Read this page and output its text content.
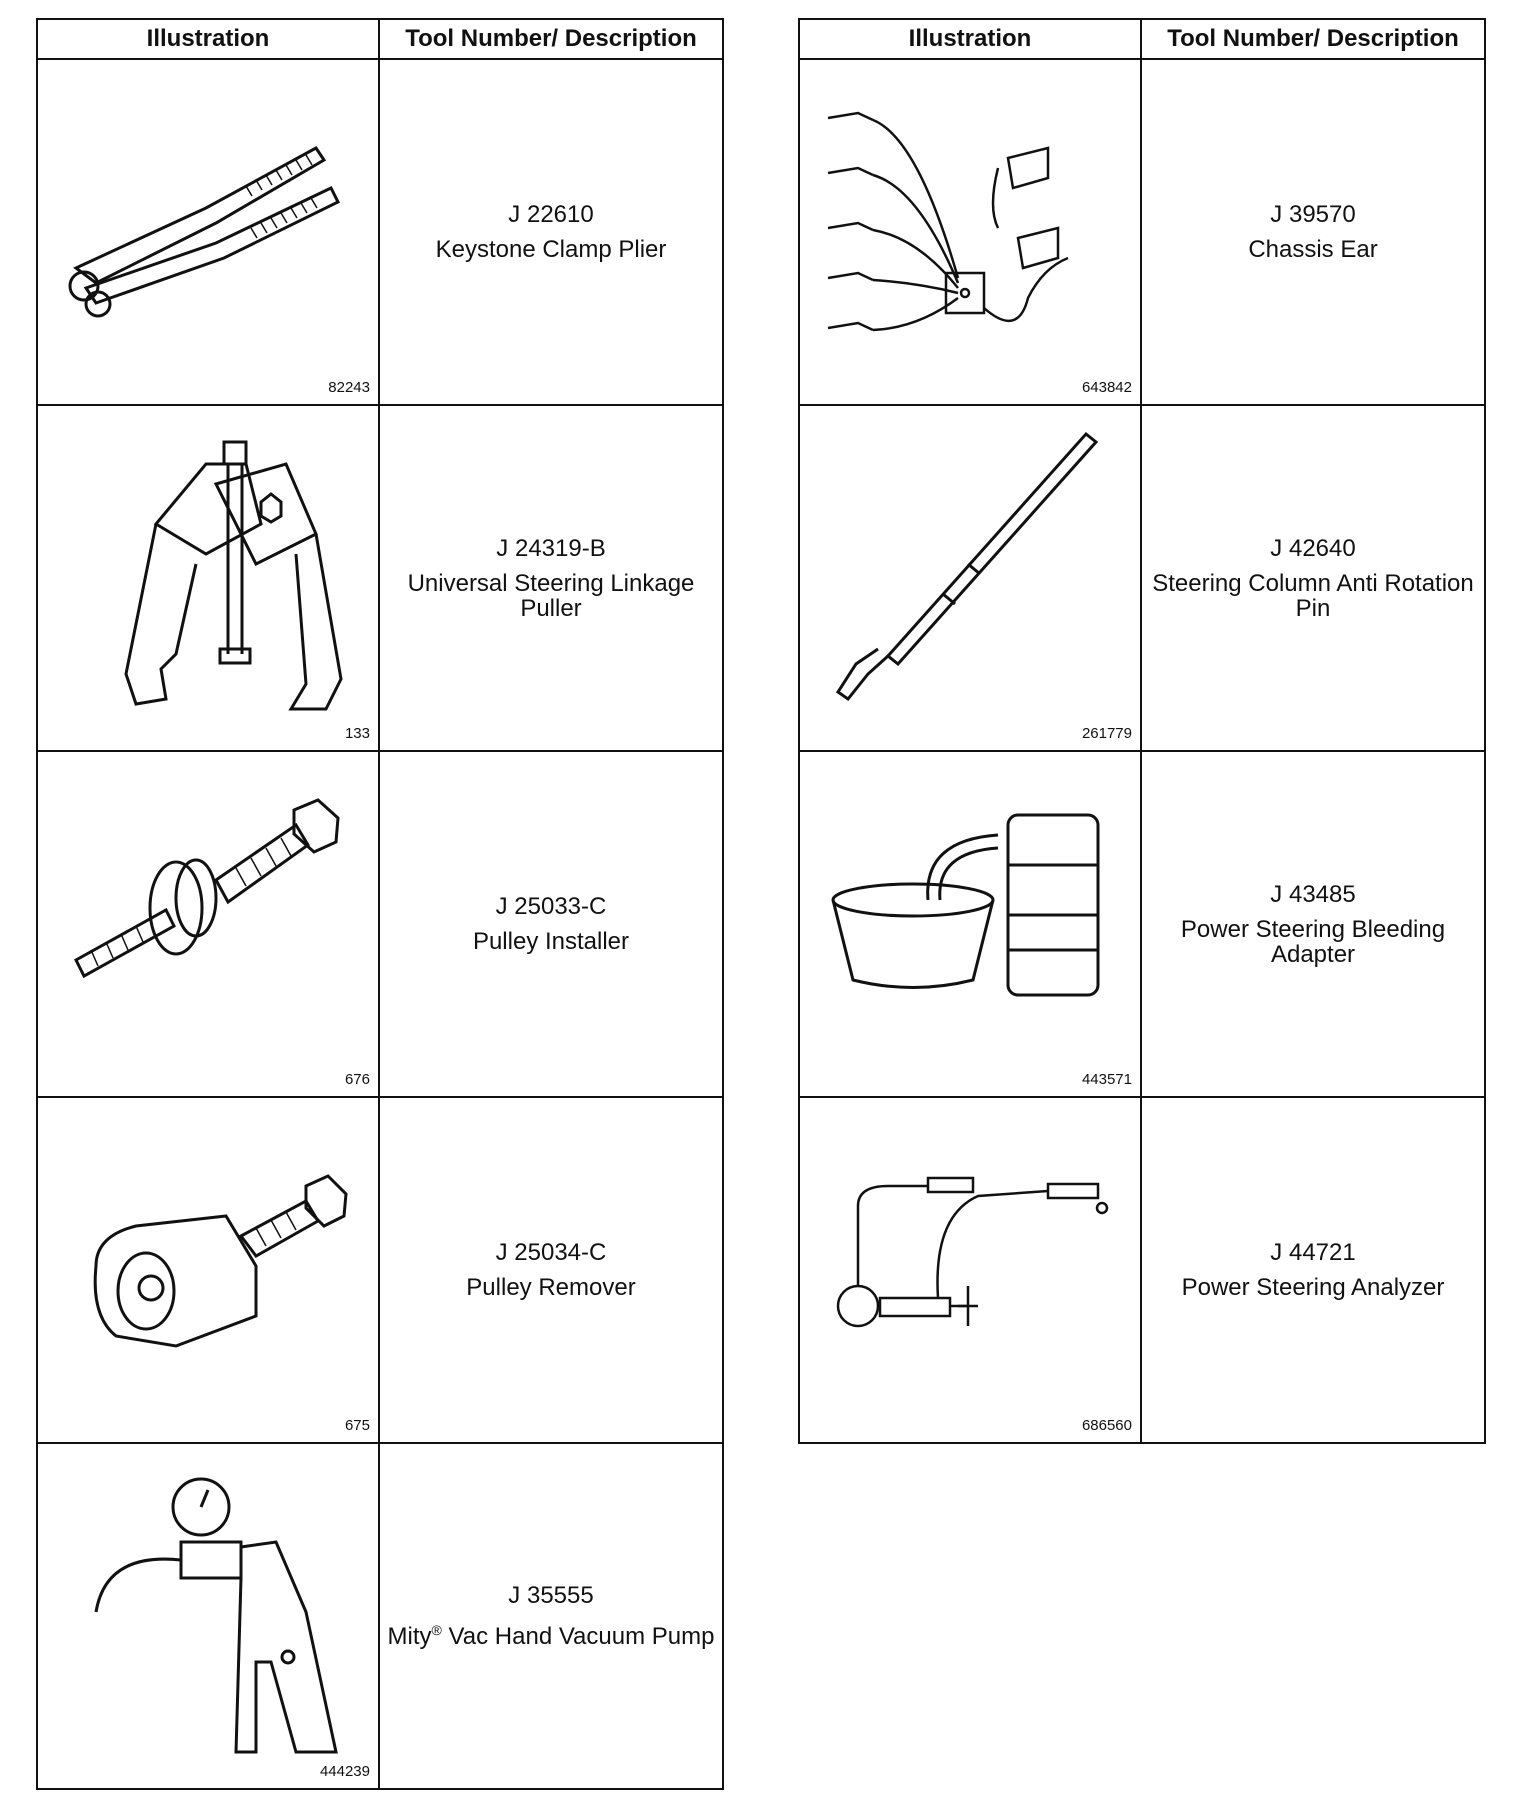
Illustration	Tool Number/ Description

82243	J 22610
Keystone Clamp Plier

133	J 24319-B
Universal Steering Linkage Puller

676	J 25033-C
Pulley Installer

675	J 25034-C
Pulley Remover

444239	J 35555
Mity® Vac Hand Vacuum Pump
Illustration	Tool Number/ Description

643842	J 39570
Chassis Ear

261779	J 42640
Steering Column Anti Rotation Pin

443571	J 43485
Power Steering Bleeding Adapter

686560	J 44721
Power Steering Analyzer
